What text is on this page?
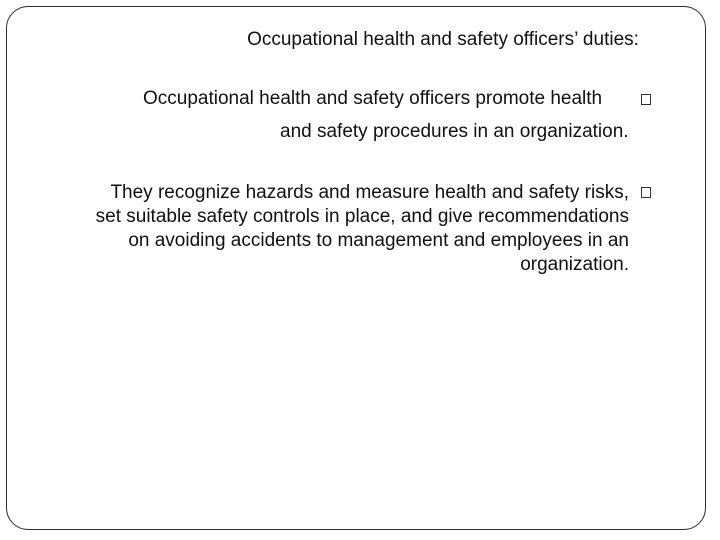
Occupational health and safety officers’ duties:
Occupational health and safety officers promote health
and safety procedures in an organization.
They recognize hazards and measure health and safety risks,
set suitable safety controls in place, and give recommendations
on avoiding accidents to management and employees in an
organization.
